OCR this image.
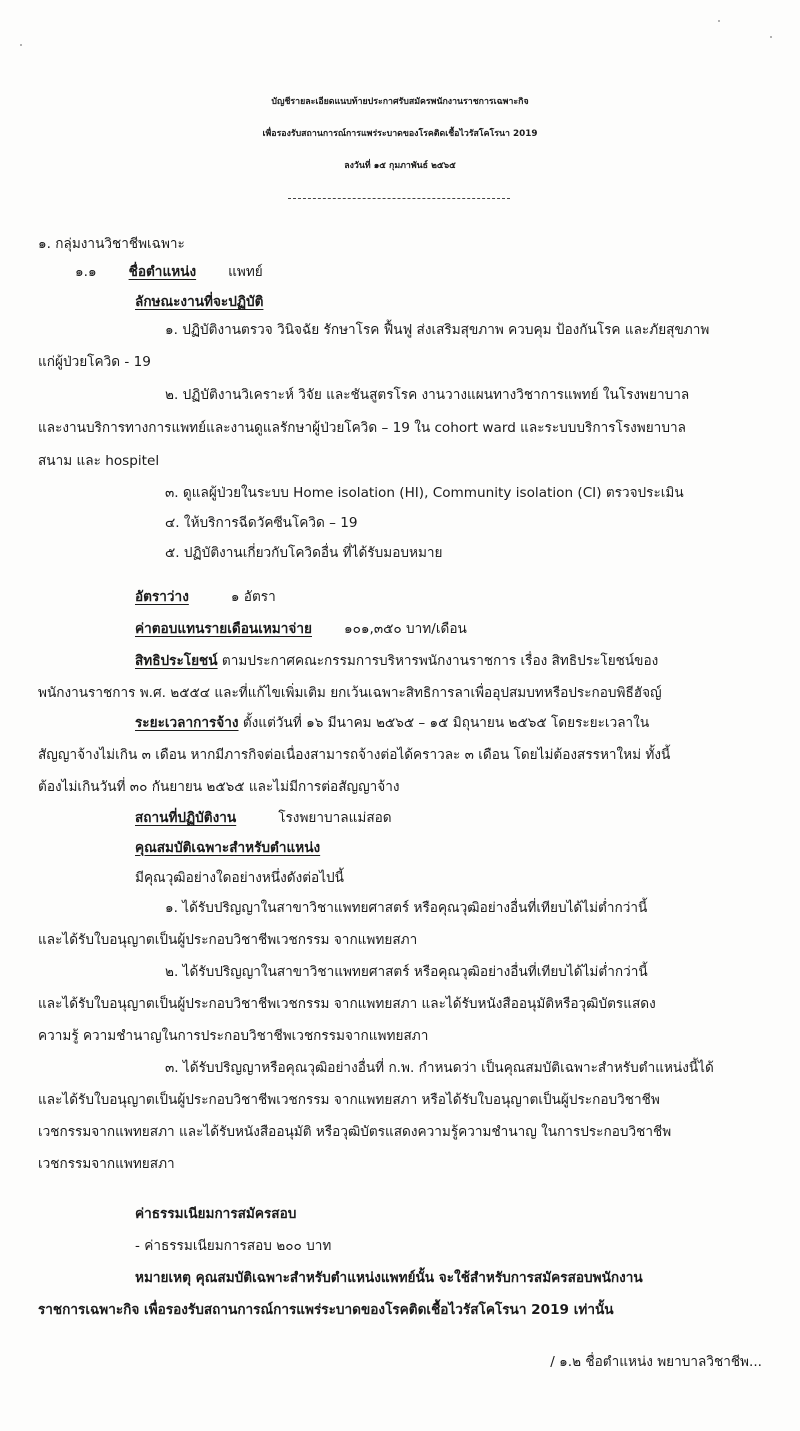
บัญชีรายละเอียดแนบท้ายประกาศรับสมัครพนักงานราชการเฉพาะกิจ
เพื่อรองรับสถานการณ์การแพร่ระบาดของโรคติดเชื้อไวรัสโคโรนา 2019
ลงวันที่ ๑๕ กุมภาพันธ์ ๒๕๖๕
๑. กลุ่มงานวิชาชีพเฉพาะ
๑.๑ ชื่อตำแหน่ง แพทย์
ลักษณะงานที่จะปฏิบัติ
๑. ปฏิบัติงานตรวจ วินิจฉัย รักษาโรค ฟื้นฟู ส่งเสริมสุขภาพ ควบคุม ป้องกันโรค และภัยสุขภาพ
แก่ผู้ป่วยโควิด - 19
๒. ปฏิบัติงานวิเคราะห์ วิจัย และชันสูตรโรค งานวางแผนทางวิชาการแพทย์ ในโรงพยาบาล
และงานบริการทางการแพทย์และงานดูแลรักษาผู้ป่วยโควิด – 19 ใน cohort ward และระบบบริการโรงพยาบาล
สนาม และ hospitel
๓. ดูแลผู้ป่วยในระบบ Home isolation (HI), Community isolation (CI) ตรวจประเมิน
๔. ให้บริการฉีดวัคซีนโควิด – 19
๕. ปฏิบัติงานเกี่ยวกับโควิดอื่น ที่ได้รับมอบหมาย
อัตราว่าง	๑ อัตรา
ค่าตอบแทนรายเดือนเหมาจ่าย ๑๐๑,๓๕๐ บาท/เดือน
สิทธิประโยชน์ ตามประกาศคณะกรรมการบริหารพนักงานราชการ เรื่อง สิทธิประโยชน์ของ
พนักงานราชการ พ.ศ. ๒๕๕๔ และที่แก้ไขเพิ่มเติม ยกเว้นเฉพาะสิทธิการลาเพื่ออุปสมบทหรือประกอบพิธีฮัจญ์
ระยะเวลาการจ้าง ตั้งแต่วันที่ ๑๖ มีนาคม ๒๕๖๕ – ๑๕ มิถุนายน ๒๕๖๕ โดยระยะเวลาใน
สัญญาจ้างไม่เกิน ๓ เดือน หากมีภารกิจต่อเนื่องสามารถจ้างต่อได้คราวละ ๓ เดือน โดยไม่ต้องสรรหาใหม่ ทั้งนี้
ต้องไม่เกินวันที่ ๓๐ กันยายน ๒๕๖๕ และไม่มีการต่อสัญญาจ้าง
สถานที่ปฏิบัติงาน	โรงพยาบาลแม่สอด
คุณสมบัติเฉพาะสำหรับตำแหน่ง
มีคุณวุฒิอย่างใดอย่างหนึ่งดังต่อไปนี้
๑. ได้รับปริญญาในสาขาวิชาแพทยศาสตร์ หรือคุณวุฒิอย่างอื่นที่เทียบได้ไม่ต่ำกว่านี้
และได้รับใบอนุญาตเป็นผู้ประกอบวิชาชีพเวชกรรม จากแพทยสภา
๒. ได้รับปริญญาในสาขาวิชาแพทยศาสตร์ หรือคุณวุฒิอย่างอื่นที่เทียบได้ไม่ต่ำกว่านี้
และได้รับใบอนุญาตเป็นผู้ประกอบวิชาชีพเวชกรรม จากแพทยสภา และได้รับหนังสืออนุมัติหรือวุฒิบัตรแสดง
ความรู้ ความชำนาญในการประกอบวิชาชีพเวชกรรมจากแพทยสภา
๓. ได้รับปริญญาหรือคุณวุฒิอย่างอื่นที่ ก.พ. กำหนดว่า เป็นคุณสมบัติเฉพาะสำหรับตำแหน่งนี้ได้
และได้รับใบอนุญาตเป็นผู้ประกอบวิชาชีพเวชกรรม จากแพทยสภา หรือได้รับใบอนุญาตเป็นผู้ประกอบวิชาชีพ
เวชกรรมจากแพทยสภา และได้รับหนังสืออนุมัติ หรือวุฒิบัตรแสดงความรู้ความชำนาญ ในการประกอบวิชาชีพ
เวชกรรมจากแพทยสภา
ค่าธรรมเนียมการสมัครสอบ
- ค่าธรรมเนียมการสอบ ๒๐๐ บาท
หมายเหตุ คุณสมบัติเฉพาะสำหรับตำแหน่งแพทย์นั้น จะใช้สำหรับการสมัครสอบพนักงาน
ราชการเฉพาะกิจ เพื่อรองรับสถานการณ์การแพร่ระบาดของโรคติดเชื้อไวรัสโคโรนา 2019 เท่านั้น
/ ๑.๒ ชื่อตำแหน่ง พยาบาลวิชาชีพ...
